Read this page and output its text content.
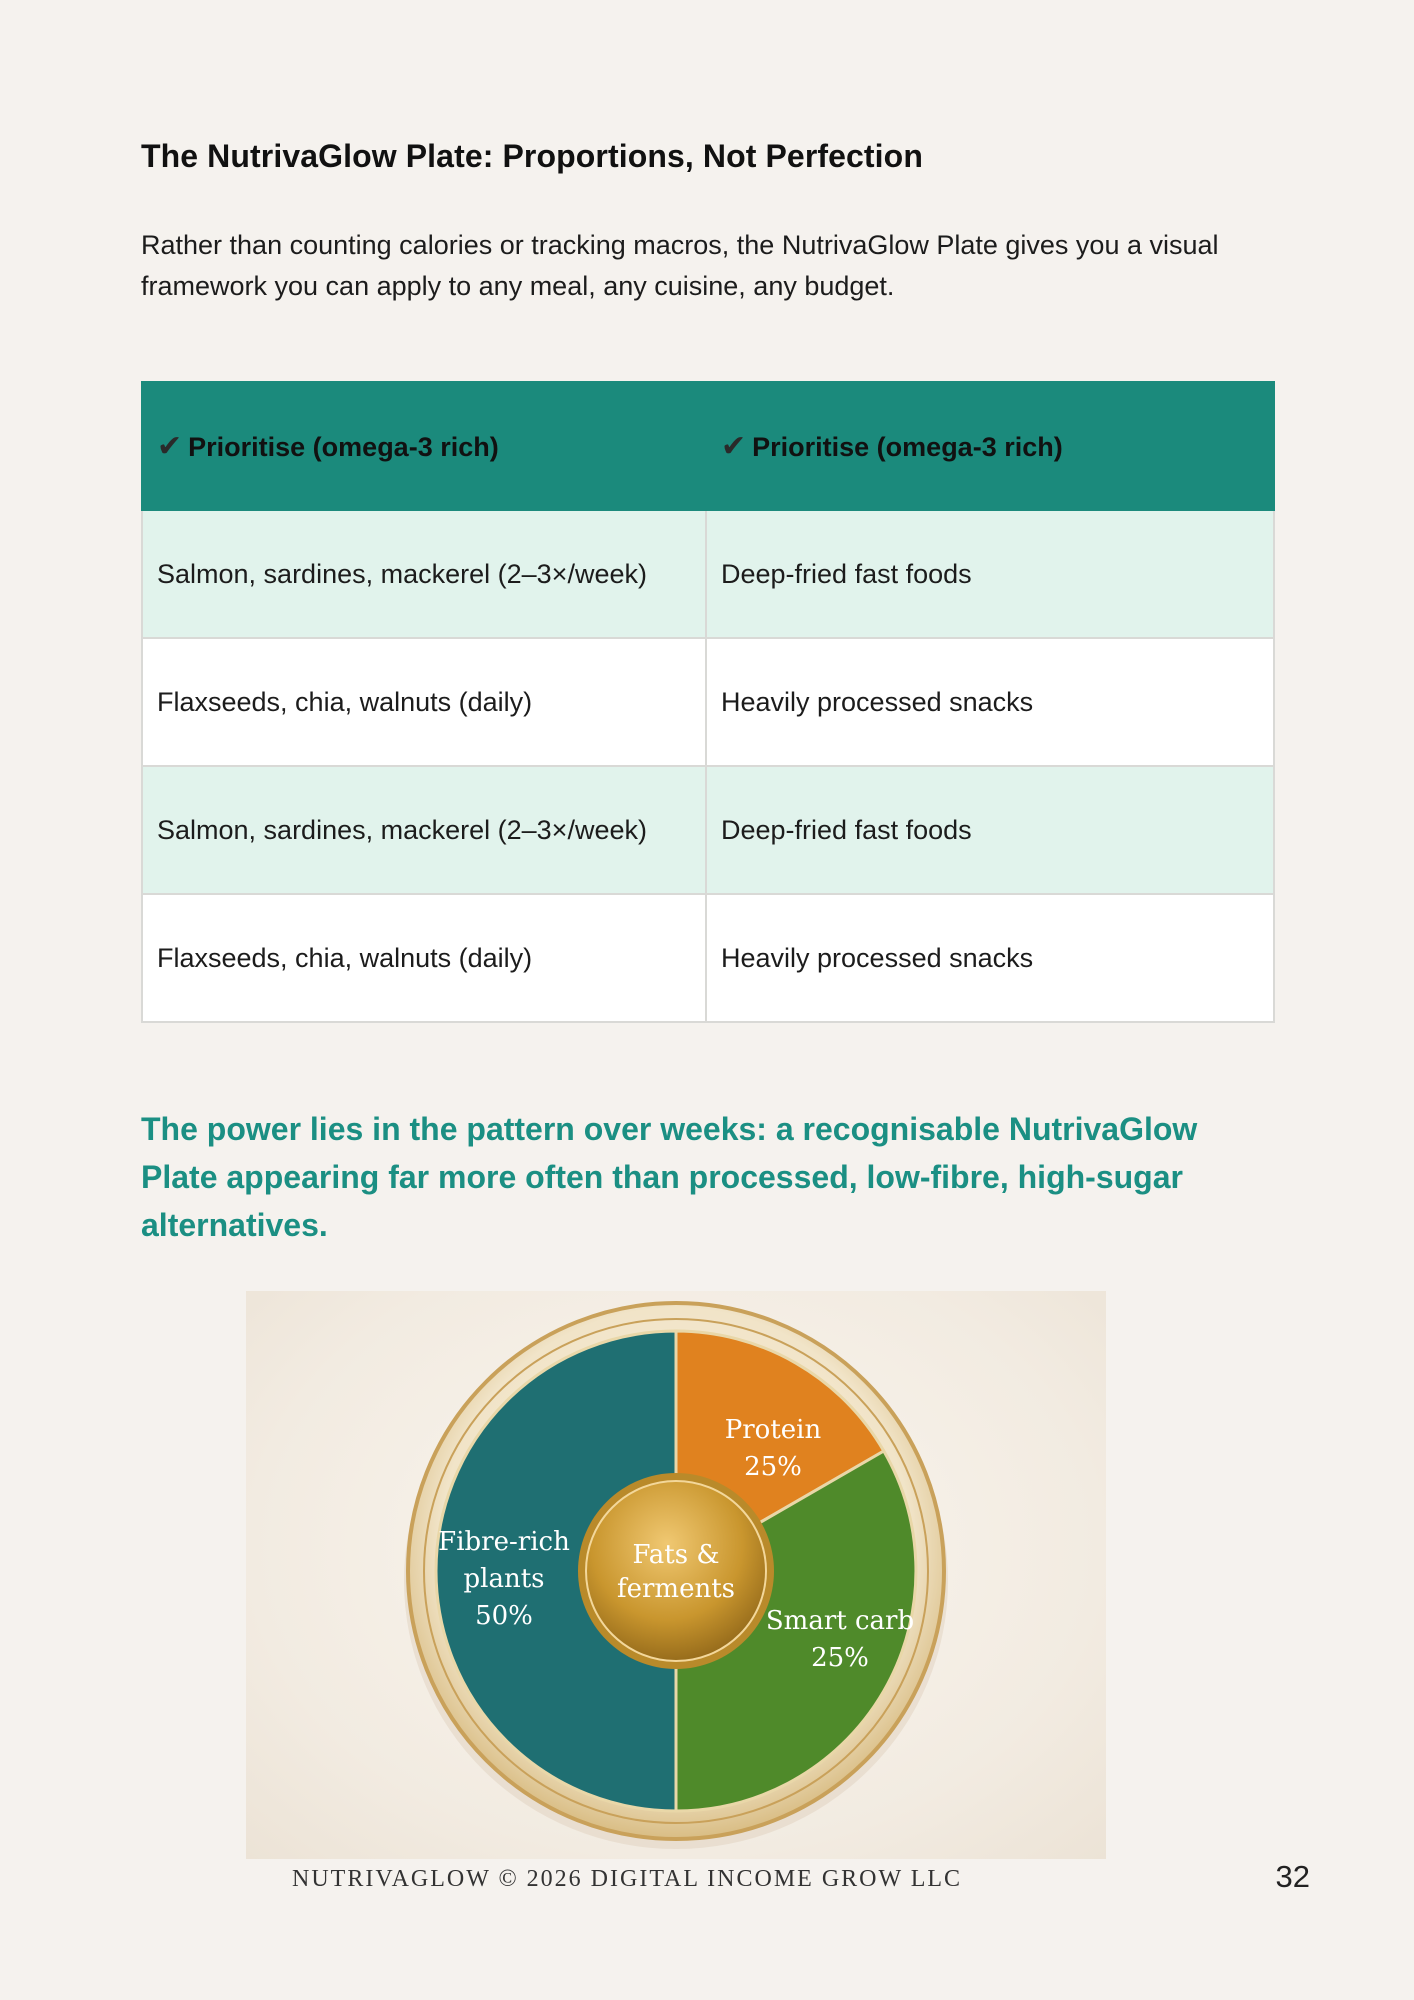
The NutrivaGlow Plate: Proportions, Not Perfection

Rather than counting calories or tracking macros, the NutrivaGlow Plate gives you a visual framework you can apply to any meal, any cuisine, any budget.

✔ Prioritise (omega-3 rich)	✔ Prioritise (omega-3 rich)
Salmon, sardines, mackerel (2–3×/week)	Deep-fried fast foods
Flaxseeds, chia, walnuts (daily)	Heavily processed snacks
Salmon, sardines, mackerel (2–3×/week)	Deep-fried fast foods
Flaxseeds, chia, walnuts (daily)	Heavily processed snacks

The power lies in the pattern over weeks: a recognisable NutrivaGlow Plate appearing far more often than processed, low-fibre, high-sugar alternatives.

Fats &
ferments
Fibre-rich
plants
50%
Protein
25%
Smart carb
25%

NUTRIVAGLOW © 2026 DIGITAL INCOME GROW LLC	32
